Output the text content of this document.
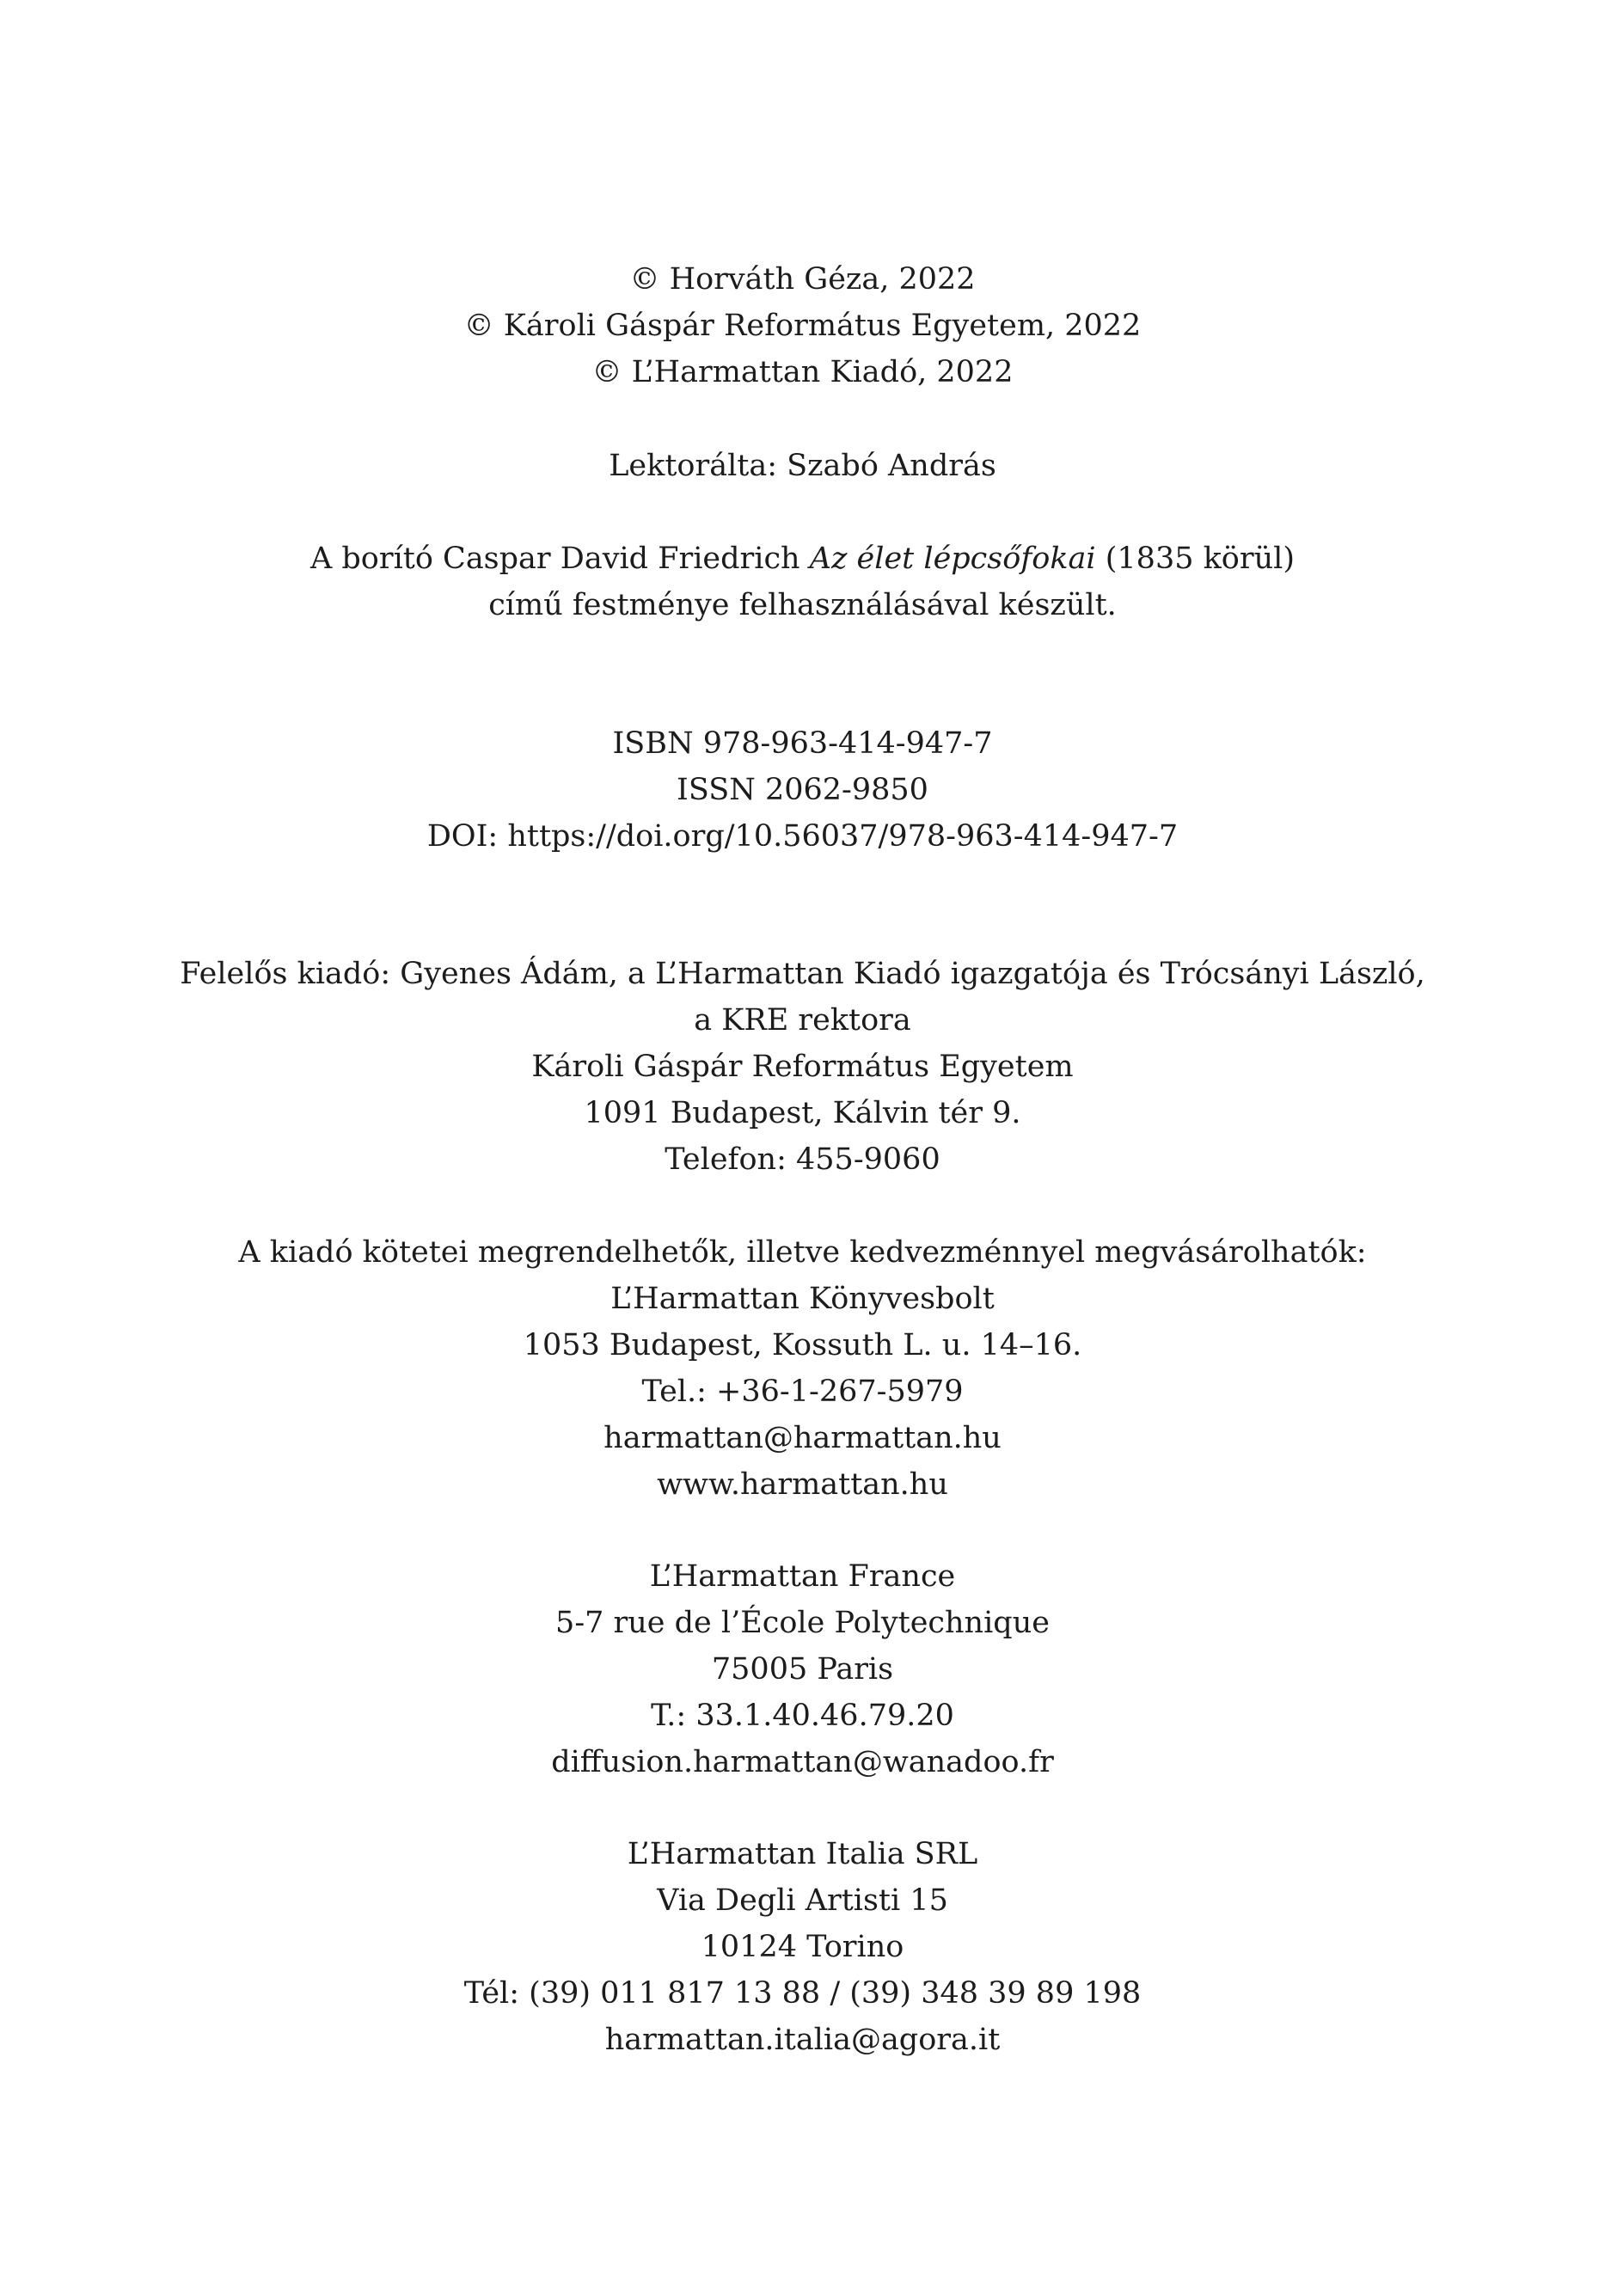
© Horváth Géza, 2022
© Károli Gáspár Református Egyetem, 2022
© L’Harmattan Kiadó, 2022
Lektorálta: Szabó András
A borító Caspar David Friedrich Az élet lépcsőfokai (1835 körül)
című festménye felhasználásával készült.
ISBN 978-963-414-947-7
ISSN 2062-9850
DOI: https://doi.org/10.56037/978-963-414-947-7
Felelős kiadó: Gyenes Ádám, a L’Harmattan Kiadó igazgatója és Trócsányi László,
a KRE rektora
Károli Gáspár Református Egyetem
1091 Budapest, Kálvin tér 9.
Telefon: 455-9060
A kiadó kötetei megrendelhetők, illetve kedvezménnyel megvásárolhatók:
L’Harmattan Könyvesbolt
1053 Budapest, Kossuth L. u. 14–16.
Tel.: +36-1-267-5979
harmattan@harmattan.hu
www.harmattan.hu
L’Harmattan France
5-7 rue de l’École Polytechnique
75005 Paris
T.: 33.1.40.46.79.20
diffusion.harmattan@wanadoo.fr
L’Harmattan Italia SRL
Via Degli Artisti 15
10124 Torino
Tél: (39) 011 817 13 88 / (39) 348 39 89 198
harmattan.italia@agora.it
